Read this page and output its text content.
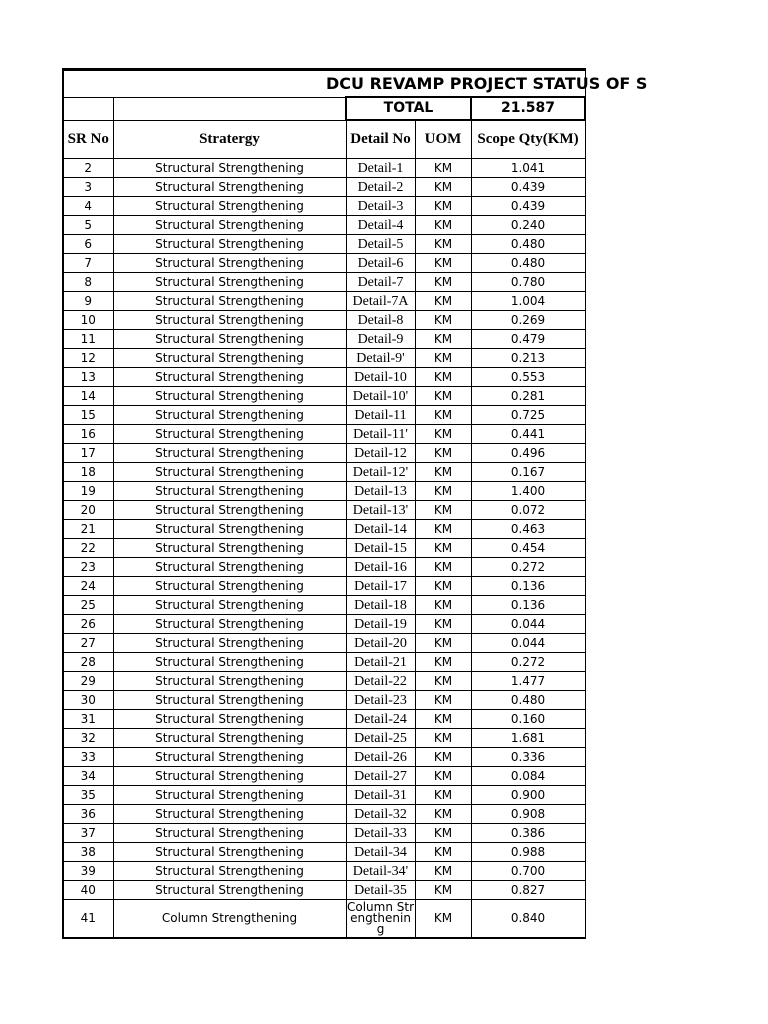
DCU REVAMP PROJECT STATUS OF S				
		TOTAL		21.587
SR No	Stratergy	Detail No	UOM	Scope Qty(KM)
2	Structural Strengthening	Detail-1	KM	1.041
3	Structural Strengthening	Detail-2	KM	0.439
4	Structural Strengthening	Detail-3	KM	0.439
5	Structural Strengthening	Detail-4	KM	0.240
6	Structural Strengthening	Detail-5	KM	0.480
7	Structural Strengthening	Detail-6	KM	0.480
8	Structural Strengthening	Detail-7	KM	0.780
9	Structural Strengthening	Detail-7A	KM	1.004
10	Structural Strengthening	Detail-8	KM	0.269
11	Structural Strengthening	Detail-9	KM	0.479
12	Structural Strengthening	Detail-9'	KM	0.213
13	Structural Strengthening	Detail-10	KM	0.553
14	Structural Strengthening	Detail-10'	KM	0.281
15	Structural Strengthening	Detail-11	KM	0.725
16	Structural Strengthening	Detail-11'	KM	0.441
17	Structural Strengthening	Detail-12	KM	0.496
18	Structural Strengthening	Detail-12'	KM	0.167
19	Structural Strengthening	Detail-13	KM	1.400
20	Structural Strengthening	Detail-13'	KM	0.072
21	Structural Strengthening	Detail-14	KM	0.463
22	Structural Strengthening	Detail-15	KM	0.454
23	Structural Strengthening	Detail-16	KM	0.272
24	Structural Strengthening	Detail-17	KM	0.136
25	Structural Strengthening	Detail-18	KM	0.136
26	Structural Strengthening	Detail-19	KM	0.044
27	Structural Strengthening	Detail-20	KM	0.044
28	Structural Strengthening	Detail-21	KM	0.272
29	Structural Strengthening	Detail-22	KM	1.477
30	Structural Strengthening	Detail-23	KM	0.480
31	Structural Strengthening	Detail-24	KM	0.160
32	Structural Strengthening	Detail-25	KM	1.681
33	Structural Strengthening	Detail-26	KM	0.336
34	Structural Strengthening	Detail-27	KM	0.084
35	Structural Strengthening	Detail-31	KM	0.900
36	Structural Strengthening	Detail-32	KM	0.908
37	Structural Strengthening	Detail-33	KM	0.386
38	Structural Strengthening	Detail-34	KM	0.988
39	Structural Strengthening	Detail-34'	KM	0.700
40	Structural Strengthening	Detail-35	KM	0.827
41	Column Strengthening	Column Strengthening	KM	0.840
